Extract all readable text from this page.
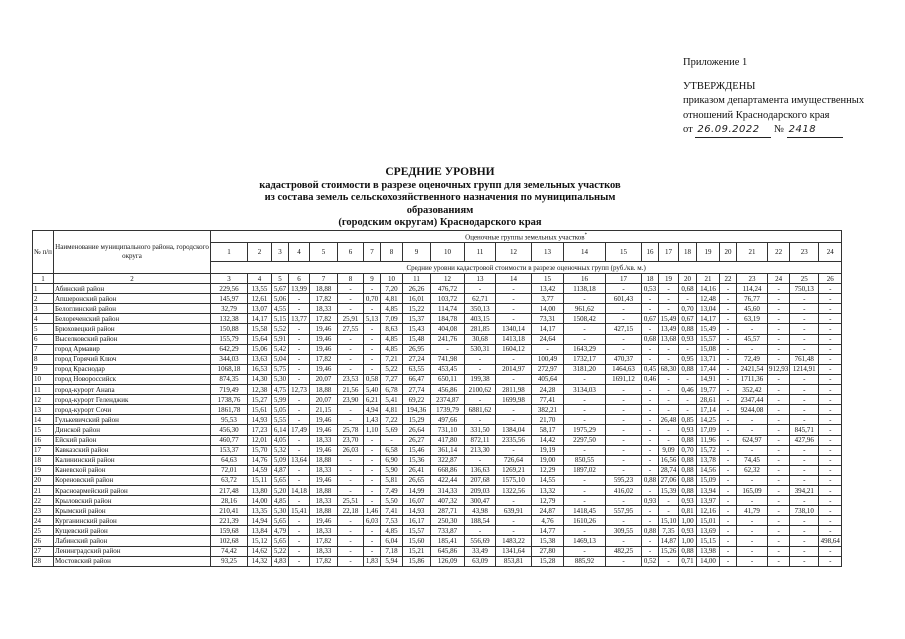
Приложение 1
УТВЕРЖДЕНЫ
приказом департамента имущественных
отношений Краснодарского края
от 26.09.2022 № 2418
СРЕДНИЕ УРОВНИ
кадастровой стоимости в разрезе оценочных групп для земельных участков
из состава земель сельскохозяйственного назначения по муниципальным образованиям
(городским округам) Краснодарского края
№ п/п	Наименование муниципального района, городского округа	Оценочные группы земельных участков*
		1	2	3	4	5	6	7	8	9	10	11	12	13	14	15	16	17	18	19	20	21	22	23	24
		Средние уровни кадастровой стоимости в разрезе оценочных групп (руб./кв. м.)																							
1	2	3	4	5	6	7	8	9	10	11	12	13	14	15	16	17	18	19	20	21	22	23	24	25	26
1	Абинский район	229,56	13,55	5,67	13,99	18,88	-	-	7,20	26,26	476,72	-	-	13,42	1138,18	-	0,53	-	0,68	14,16	-	114,24	-	750,13	-
2	Апшеронский район	145,97	12,61	5,06	-	17,82	-	0,70	4,81	16,01	103,72	62,71	-	3,77	-	601,43	-	-	-	12,48	-	76,77	-	-	-
3	Белоглинский район	32,79	13,07	4,55	-	18,33	-	-	4,85	15,22	114,74	350,13	-	14,00	961,62	-	-	-	0,70	13,04	-	45,60	-	-	-
4	Белореченский район	132,38	14,17	5,15	13,77	17,82	25,91	5,13	7,09	15,37	184,78	403,15	-	73,31	1508,42	-	0,67	15,49	0,67	14,17	-	63,19	-	-	-
5	Брюховецкий район	150,88	15,58	5,52	-	19,46	27,55	-	8,63	15,43	404,08	281,85	1340,14	14,17	-	427,15	-	13,49	0,88	15,49	-	-	-	-	-
6	Выселковский район	155,79	15,64	5,91	-	19,46	-	-	4,85	15,48	241,76	30,68	1413,18	24,64	-	-	0,68	13,68	0,93	15,57	-	45,57	-	-	-
7	город Армавир	642,29	15,06	5,42	-	19,46	-	-	4,85	26,95	-	530,31	1604,12	-	1643,29	-	-	-	-	15,08	-	-	-	-	-
8	город Горячий Ключ	344,03	13,63	5,04	-	17,82	-	-	7,21	27,24	741,98	-	-	100,49	1732,17	470,37	-	-	0,95	13,71	-	72,49	-	761,48	-
9	город Краснодар	1068,18	16,53	5,75	-	19,46	-	-	5,22	63,55	453,45	-	2014,97	272,97	3181,20	1464,63	0,45	68,30	0,88	17,44	-	2421,54	912,93	1214,91	-
10	город Новороссийск	874,35	14,30	5,30	-	20,07	23,53	0,58	7,27	66,47	650,11	199,38	-	405,64	-	1691,12	0,46	-	-	14,91	-	1711,36	-	-	-
11	город-курорт Анапа	719,49	12,38	4,75	12,73	18,88	21,56	5,40	6,78	27,74	456,86	2100,62	2811,98	24,28	3134,03	-	-	-	0,46	19,77	-	352,42	-	-	-
12	город-курорт Геленджик	1738,76	15,27	5,99	-	20,07	23,90	6,21	5,41	69,22	2374,87	-	1699,98	77,41	-	-	-	-	-	28,61	-	2347,44	-	-	-
13	город-курорт Сочи	1861,78	15,61	5,05	-	21,15	-	4,94	4,81	194,36	1739,79	6881,62	-	382,21	-	-	-	-	-	17,14	-	9244,08	-	-	-
14	Гулькевичский район	95,53	14,93	5,55	-	19,46	-	1,43	7,22	15,29	497,66	-	-	21,70	-	-	-	26,48	0,85	14,25	-	-	-	-	-
15	Динской район	456,30	17,23	6,14	17,49	19,46	25,78	1,10	5,69	26,64	731,10	331,50	1384,04	58,17	1975,29	-	-	-	0,93	17,09	-	-	-	845,71	-
16	Ейский район	460,77	12,01	4,05	-	18,33	23,70	-	-	26,27	417,80	872,11	2335,56	14,42	2297,50	-	-	-	0,88	11,96	-	624,97	-	427,96	-
17	Кавказский район	153,37	15,70	5,32	-	19,46	26,03	-	6,58	15,46	361,14	213,30	-	19,19	-	-	-	9,09	0,70	15,72	-	-	-	-	-
18	Калининский район	64,63	14,76	5,09	13,64	18,88	-	-	6,90	15,36	322,87	-	726,64	19,00	850,55	-	-	16,56	0,88	13,78	-	74,45	-	-	-
19	Каневской район	72,01	14,59	4,87	-	18,33	-	-	5,90	26,41	668,86	136,63	1269,21	12,29	1897,02	-	-	28,74	0,88	14,56	-	62,32	-	-	-
20	Кореновский район	63,72	15,11	5,65	-	19,46	-	-	5,81	26,65	422,44	207,68	1575,10	14,55	-	595,23	0,88	27,06	0,88	15,09	-	-	-	-	-
21	Красноармейский район	217,48	13,80	5,20	14,18	18,88	-	-	7,49	14,99	314,33	209,03	1322,56	13,32	-	416,02	-	15,39	0,88	13,94	-	165,09	-	394,21	-
22	Крыловский район	28,16	14,00	4,85	-	18,33	25,51	-	5,50	16,07	407,32	300,47	-	12,79	-	-	0,93	-	0,93	13,97	-	-	-	-	-
23	Крымский район	210,41	13,35	5,30	15,41	18,88	22,18	1,46	7,41	14,93	287,71	43,98	639,91	24,87	1418,45	557,95	-	-	0,81	12,16	-	41,79	-	738,10	-
24	Курганинский район	221,39	14,94	5,65	-	19,46	-	6,03	7,53	16,17	250,30	188,54	-	4,76	1610,26	-	-	15,10	1,00	15,01	-	-	-	-	-
25	Кущевский район	159,68	13,84	4,79	-	18,33	-	-	4,85	15,57	733,87	-	-	14,77	-	309,55	0,88	7,35	0,93	13,69	-	-	-	-	-
26	Лабинский район	102,68	15,12	5,65	-	17,82	-	-	6,04	15,60	185,41	556,69	1483,22	15,38	1469,13	-	-	14,87	1,00	15,15	-	-	-	-	498,64
27	Ленинградский район	74,42	14,62	5,22	-	18,33	-	-	7,18	15,21	645,86	33,49	1341,64	27,80	-	482,25	-	15,26	0,88	13,98	-	-	-	-	-
28	Мостовский район	93,25	14,32	4,83	-	17,82	-	1,83	5,94	15,86	126,09	63,09	853,81	15,28	885,92	-	0,52	-	0,71	14,00	-	-	-	-	-
